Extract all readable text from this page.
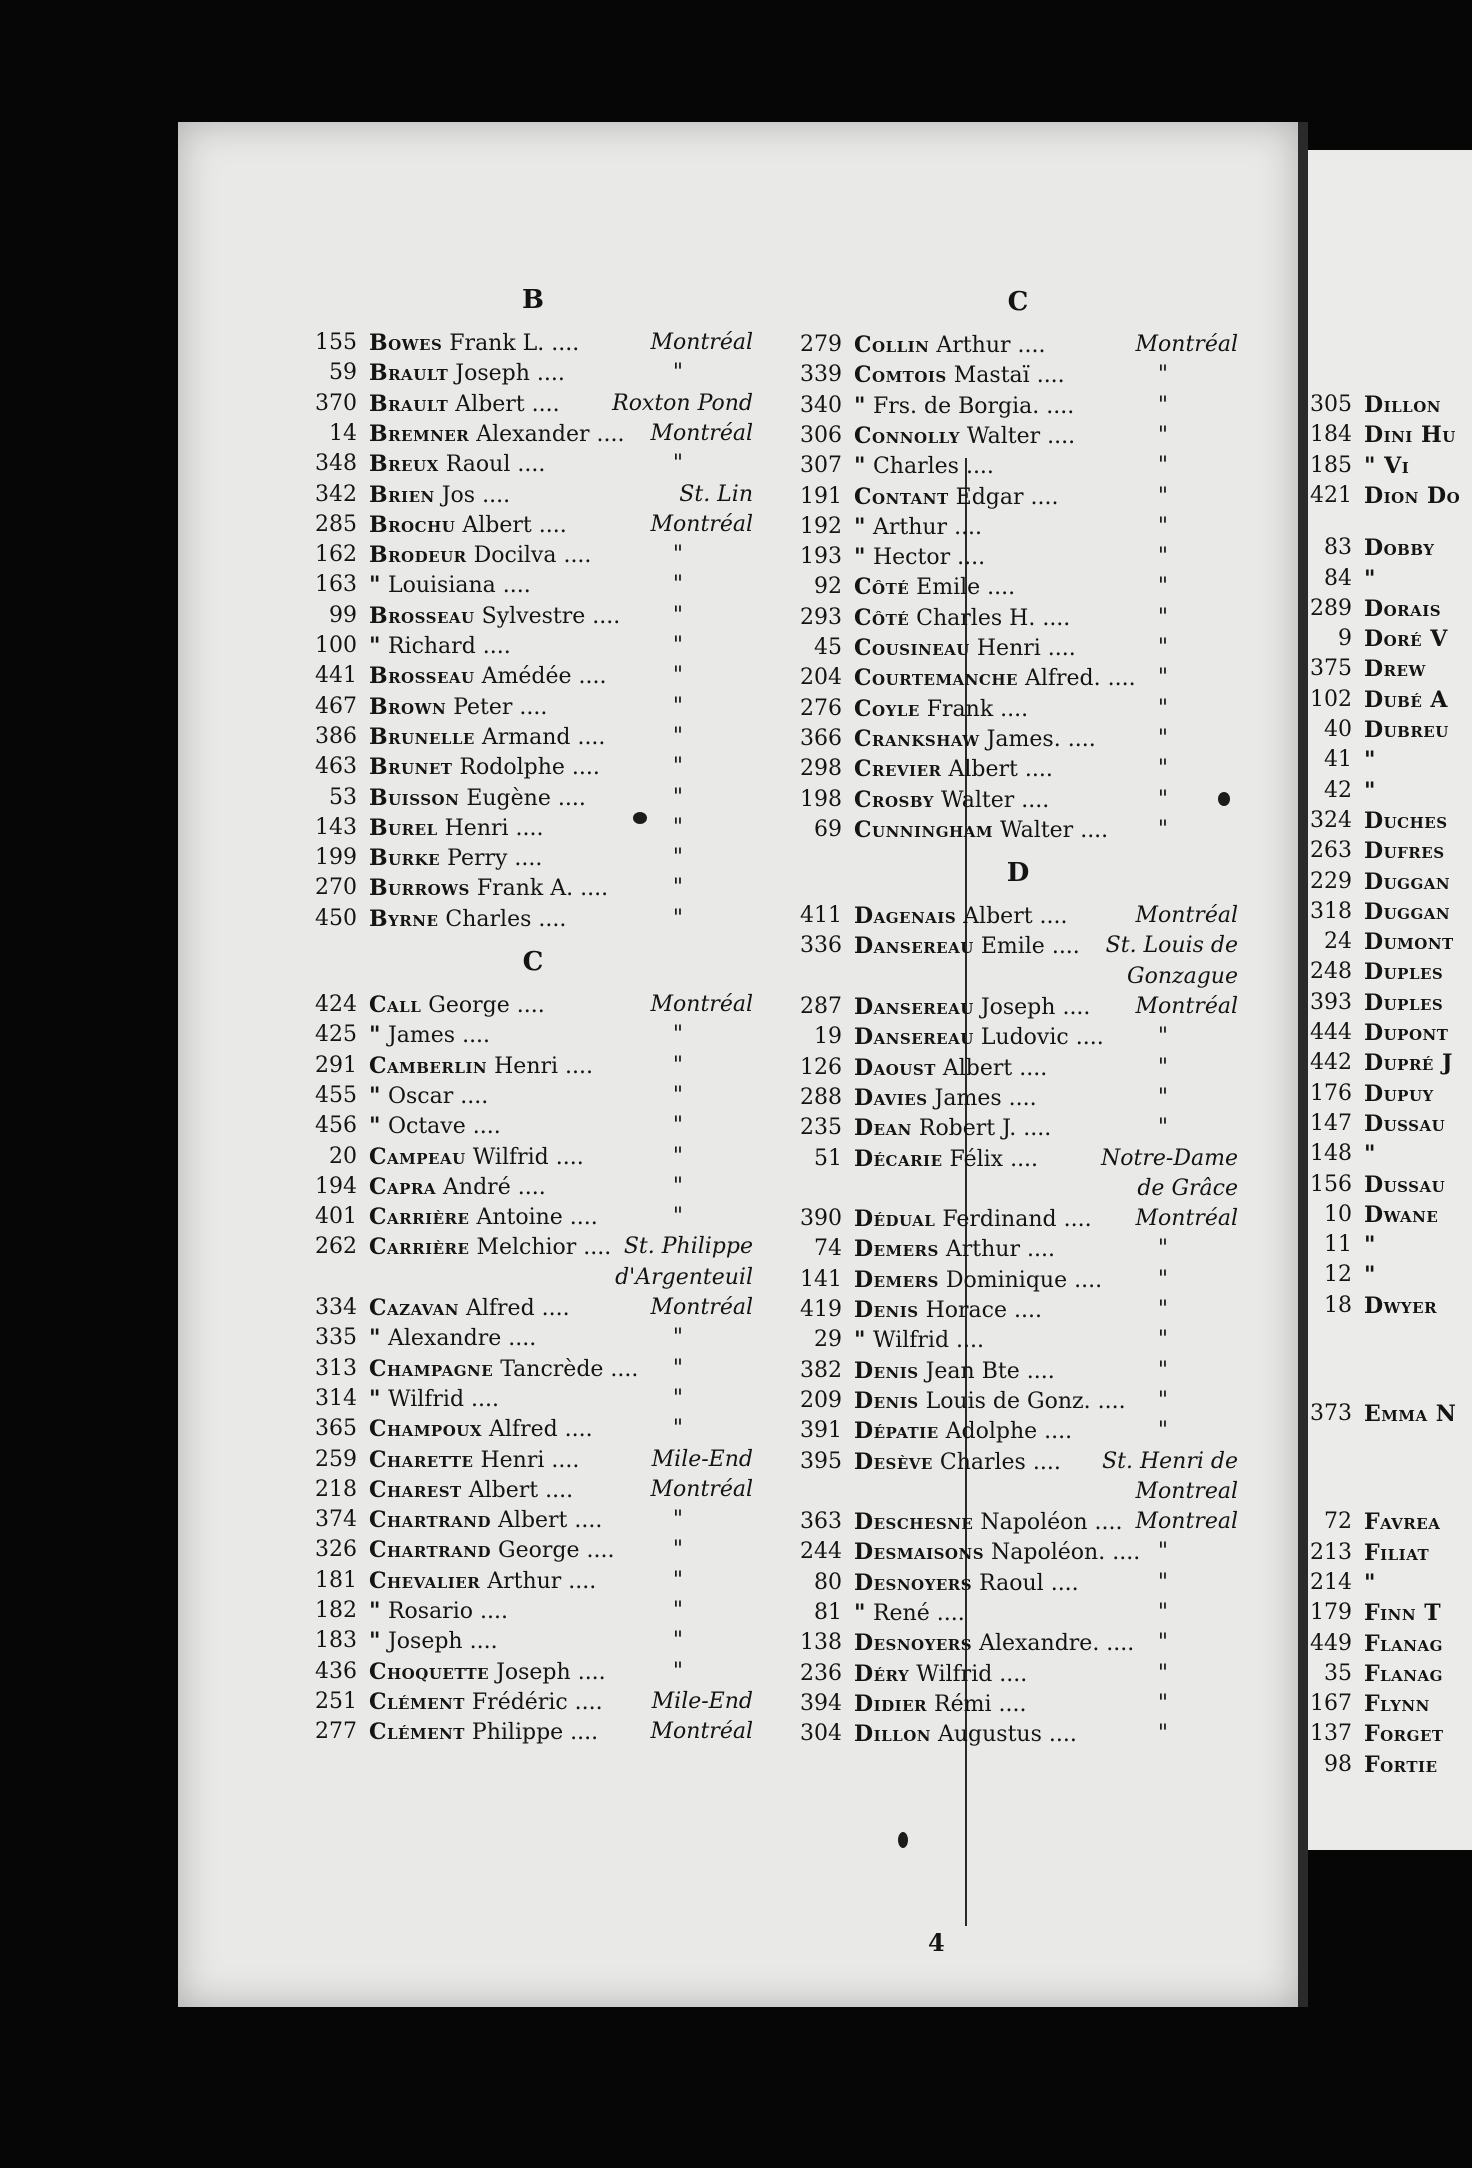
B
155 Bowes Frank L. ....	Montréal
59 Brault Joseph ....	"
370 Brault Albert .... Roxton Pond
14 Bremner Alexander .... Montréal
348 Breux Raoul ....	"
342 Brien Jos ....	St. Lin
285 Brochu Albert ....	Montréal
162 Brodeur Docilva ....	"
163 " Louisiana ....	"
99 Brosseau Sylvestre .... "
100 " Richard ....	"
441 Brosseau Amédée ....	"
467 Brown Peter ....	"
386 Brunelle Armand ....	"
463 Brunet Rodolphe ....	"
53 Buisson Eugène ....	"
143 Burel Henri ....	"
199 Burke Perry ....	"
270 Burrows Frank A. ....	"
450 Byrne Charles ....	"
C
424 Call George ....	Montréal
425 " James ....	"
291 Camberlin Henri ....	"
455 " Oscar ....	"
456 " Octave ....	"
20 Campeau Wilfrid ....	"
194 Capra André ....	"
401 Carrière Antoine ....	"
262 Carrière Melchior .... St. Philippe
d'Argenteuil
334 Cazavan Alfred ....	Montréal
335 " Alexandre ....	"
313 Champagne Tancrède .... "
314 " Wilfrid ....	"
365 Champoux Alfred ....	"
259 Charette Henri ....	Mile-End
218 Charest Albert ....	Montréal
374 Chartrand Albert ....	"
326 Chartrand George ....	"
181 Chevalier Arthur ....	"
182 " Rosario ....	"
183 " Joseph ....	"
436 Choquette Joseph ....	"
251 Clément Frédéric .... Mile-End
277 Clément Philippe .... Montréal
C
279 Collin Arthur ....	Montréal
339 Comtois Mastaï ....	"
340 " Frs. de Borgia. ....	"
306 Connolly Walter ....	"
307 " Charles ....	"
191 Contant Edgar ....	"
192 " Arthur ....	"
193 " Hector ....	"
92 Côté Emile ....	"
293 Côté Charles H. ....	"
45 Cousineau Henri ....	"
204 Courtemanche Alfred. .... "
276 Coyle Frank ....	"
366 Crankshaw James. ....	"
298 Crevier Albert ....	"
198 Crosby Walter ....	"
69 Cunningham Walter .... "
D
411 Dagenais Albert ....	Montréal
336 Dansereau Emile .... St. Louis de
Gonzague
287 Dansereau Joseph .... Montréal
19 Dansereau Ludovic .... "
126 Daoust Albert ....	"
288 Davies James ....	"
235 Dean Robert J. ....	"
51 Décarie Félix ....	Notre-Dame
de Grâce
390 Dédual Ferdinand .... Montréal
74 Demers Arthur ....	"
141 Demers Dominique ....	"
419 Denis Horace ....	"
29 " Wilfrid ....	"
382 Denis Jean Bte ....	"
209 Denis Louis de Gonz. .... "
391 Dépatie Adolphe ....	"
395 Desève Charles .... St. Henri de
Montreal
363 Deschesne Napoléon .... Montreal
244 Desmaisons Napoléon. .... "
80 Desnoyers Raoul ....	"
81 " René ....	"
138 Desnoyers Alexandre. .... "
236 Déry Wilfrid ....	"
394 Didier Rémi ....	"
304 Dillon Augustus ....	"
4
305 Dillon
184 Dini Hu
185 " Vi
421 Dion Do
83 Dobby
84 "
289 Dorais
9 Doré V
375 Drew
102 Dubé A
40 Dubreu
41 "
42 "
324 Duches
263 Dufres
229 Duggan
318 Duggan
24 Dumont
248 Duples
393 Duples
444 Dupont
442 Dupré J
176 Dupuy
147 Dussau
148 "
156 Dussau
10 Dwane
11 "
12 "
18 Dwyer
373 Emma N
72 Favrea
213 Filiat
214 "
179 Finn T
449 Flanag
35 Flanag
167 Flynn
137 Forget
98 Fortie
